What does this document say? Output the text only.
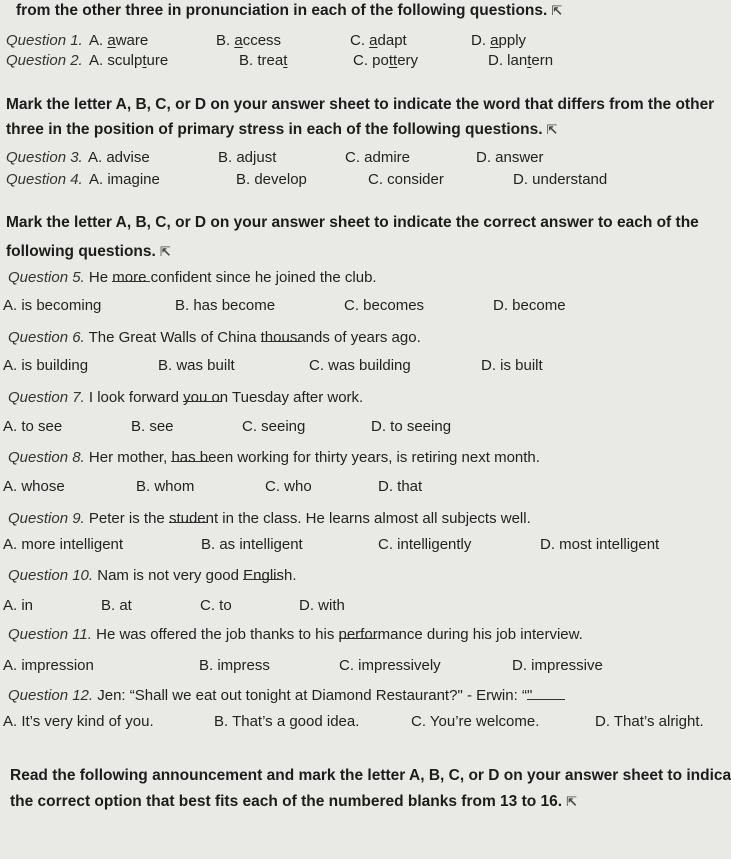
from the other three in pronunciation in each of the following questions. ⇱
Question 1. A. aware	B. access	C. adapt	D. apply
Question 2. A. sculpture	B. treat	C. pottery	D. lantern
Mark the letter A, B, C, or D on your answer sheet to indicate the word that differs from the other
three in the position of primary stress in each of the following questions. ⇱
Question 3. A. advise	B. adjust	C. admire	D. answer
Question 4. A. imagine	B. develop	C. consider	D. understand
Mark the letter A, B, C, or D on your answer sheet to indicate the correct answer to each of the
following questions. ⇱
Question 5. He more confident since he joined the club.
A. is becoming	B. has become	C. becomes	D. become
Question 6. The Great Walls of China thousands of years ago.
A. is building	B. was built	C. was building	D. is built
Question 7. I look forward you on Tuesday after work.
A. to see	B. see	C. seeing	D. to seeing
Question 8. Her mother, has been working for thirty years, is retiring next month.
A. whose	B. whom	C. who	D. that
Question 9. Peter is the student in the class. He learns almost all subjects well.
A. more intelligent	B. as intelligent	C. intelligently	D. most intelligent
Question 10. Nam is not very good English.
A. in	B. at	C. to	D. with
Question 11. He was offered the job thanks to his performance during his job interview.
A. impression	B. impress	C. impressively	D. impressive
Question 12. Jen: “Shall we eat out tonight at Diamond Restaurant?" - Erwin: “
"
A. It’s very kind of you.	B. That’s a good idea.	C. You’re welcome.	D. That’s alright.
Read the following announcement and mark the letter A, B, C, or D on your answer sheet to indica
the correct option that best fits each of the numbered blanks from 13 to 16. ⇱
